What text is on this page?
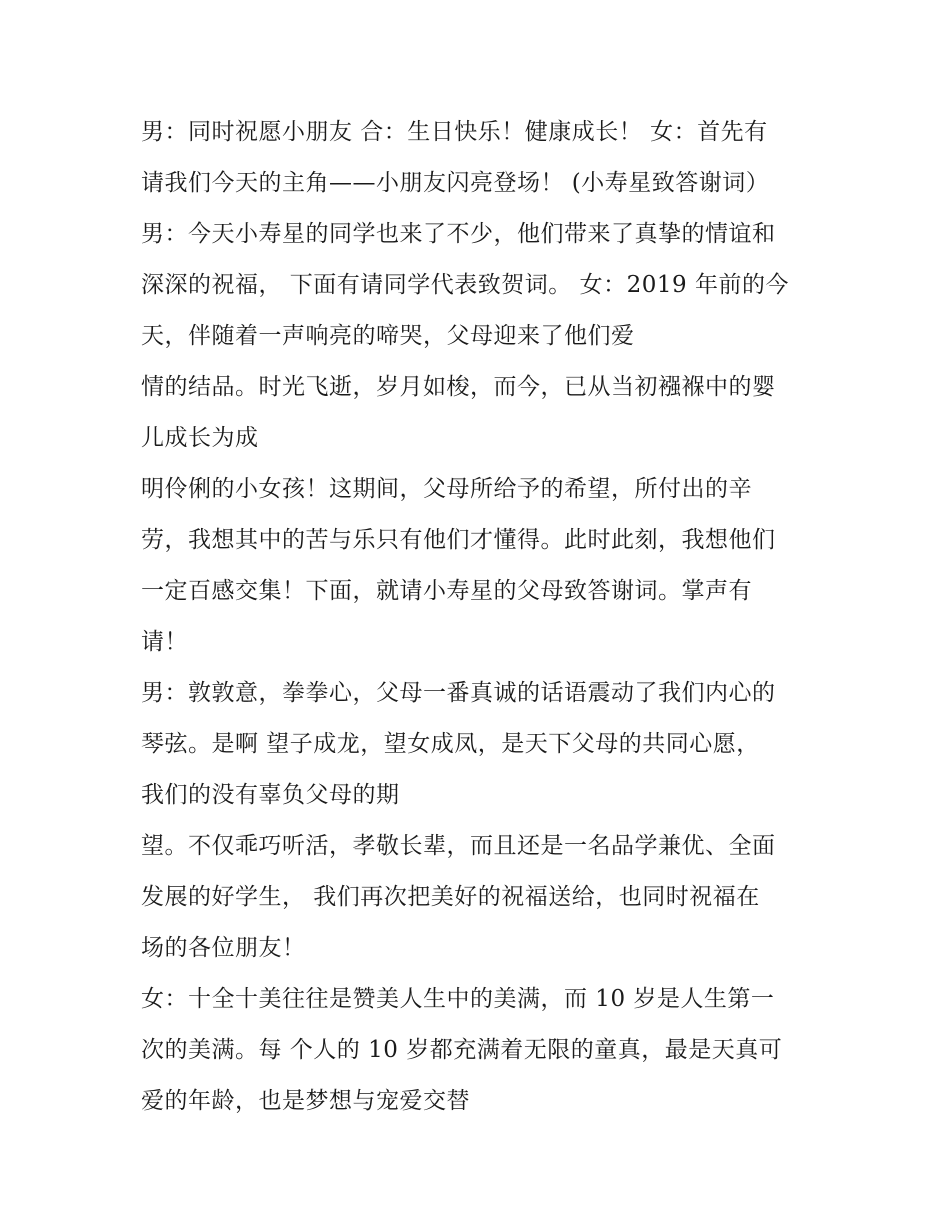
男：同时祝愿小朋友 合：生日快乐！健康成长！ 女：首先有
请我们今天的主角——小朋友闪亮登场！ (小寿星致答谢词）
男：今天小寿星的同学也来了不少，他们带来了真挚的情谊和
深深的祝福， 下面有请同学代表致贺词。 女：2019 年前的今
天，伴随着一声响亮的啼哭，父母迎来了他们爱
情的结品。时光飞逝，岁月如梭，而今，已从当初襁褓中的婴
儿成长为成
明伶俐的小女孩！这期间，父母所给予的希望，所付出的辛
劳，我想其中的苦与乐只有他们才懂得。此时此刻，我想他们
一定百感交集！下面，就请小寿星的父母致答谢词。掌声有
请！
男：敦敦意，拳拳心，父母一番真诚的话语震动了我们内心的
琴弦。是啊 望子成龙，望女成凤，是天下父母的共同心愿，
我们的没有辜负父母的期
望。不仅乖巧听活，孝敬长辈，而且还是一名品学兼优、全面
发展的好学生， 我们再次把美好的祝福送给，也同时祝福在
场的各位朋友！
女：十全十美往往是赞美人生中的美满，而 10 岁是人生第一
次的美满。每 个人的 10 岁都充满着无限的童真，最是天真可
爱的年龄，也是梦想与宠爱交替
